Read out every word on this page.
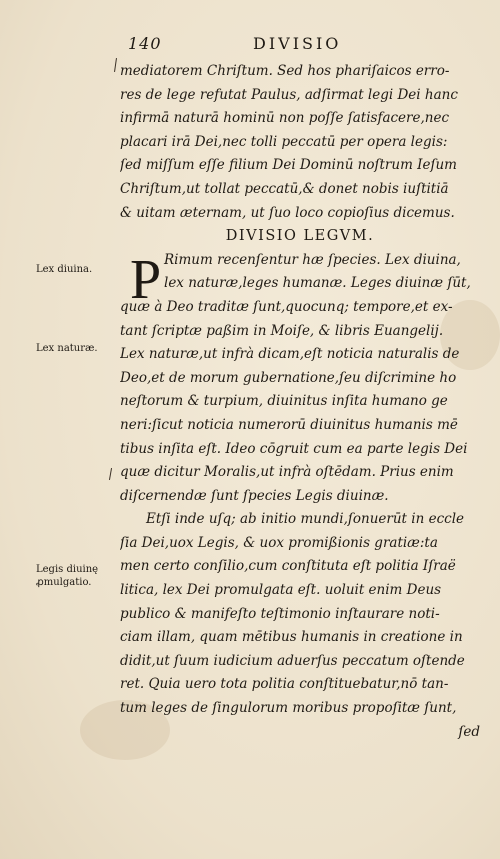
140	DIVISIO
mediatorem Chriſtum. Sed hos phariſaicos erro-
res de lege refutat Paulus, adſirmat legi Dei hanc
infirmā naturā hominū non poſſe ſatisfacere,nec
placari irā Dei,nec tolli peccatū per opera legis:
ſed miſſum eſſe filium Dei Dominū noſtrum Ieſum
Chriſtum,ut tollat peccatū,& donet nobis iuſtitiā
& uitam æternam, ut ſuo loco copioſius dicemus.
DIVISIO LEGVM.
P Rimum recenſentur hæ ſpecies. Lex diuina,
lex naturæ,leges humanæ. Leges diuinæ ſūt,
quæ à Deo traditæ ſunt,quocunq; tempore,et ex-
tant ſcriptæ paßim in Moiſe, & libris Euangelij.
Lex naturæ,ut infrà dicam,eſt noticia naturalis de
Deo,et de morum gubernatione,ſeu diſcrimine ho
neſtorum & turpium, diuinitus inſita humano ge
neri:ſicut noticia numerorū diuinitus humanis mē
tibus inſita eſt. Ideo cōgruit cum ea parte legis Dei
quæ dicitur Moralis,ut infrà oſtēdam. Prius enim
diſcernendæ ſunt ſpecies Legis diuinæ.
Etſi inde uſq; ab initio mundi,ſonuerūt in eccle
ſia Dei,uox Legis, & uox promißionis gratiæ:ta
men certo conſilio,cum conſtituta eſt politia Iſraë
litica, lex Dei promulgata eſt. uoluit enim Deus
publico & manifeſto teſtimonio inſtaurare noti-
ciam illam, quam mētibus humanis in creatione in
didit,ut ſuum iudicium aduerſus peccatum oſtende
ret. Quia uero tota politia conſtituebatur,nō tan-
tum leges de ſingulorum moribus propoſitæ ſunt,
ſed
Lex diuina.
Lex naturæ.
Legis diuinę
ꝓmulgatio.
